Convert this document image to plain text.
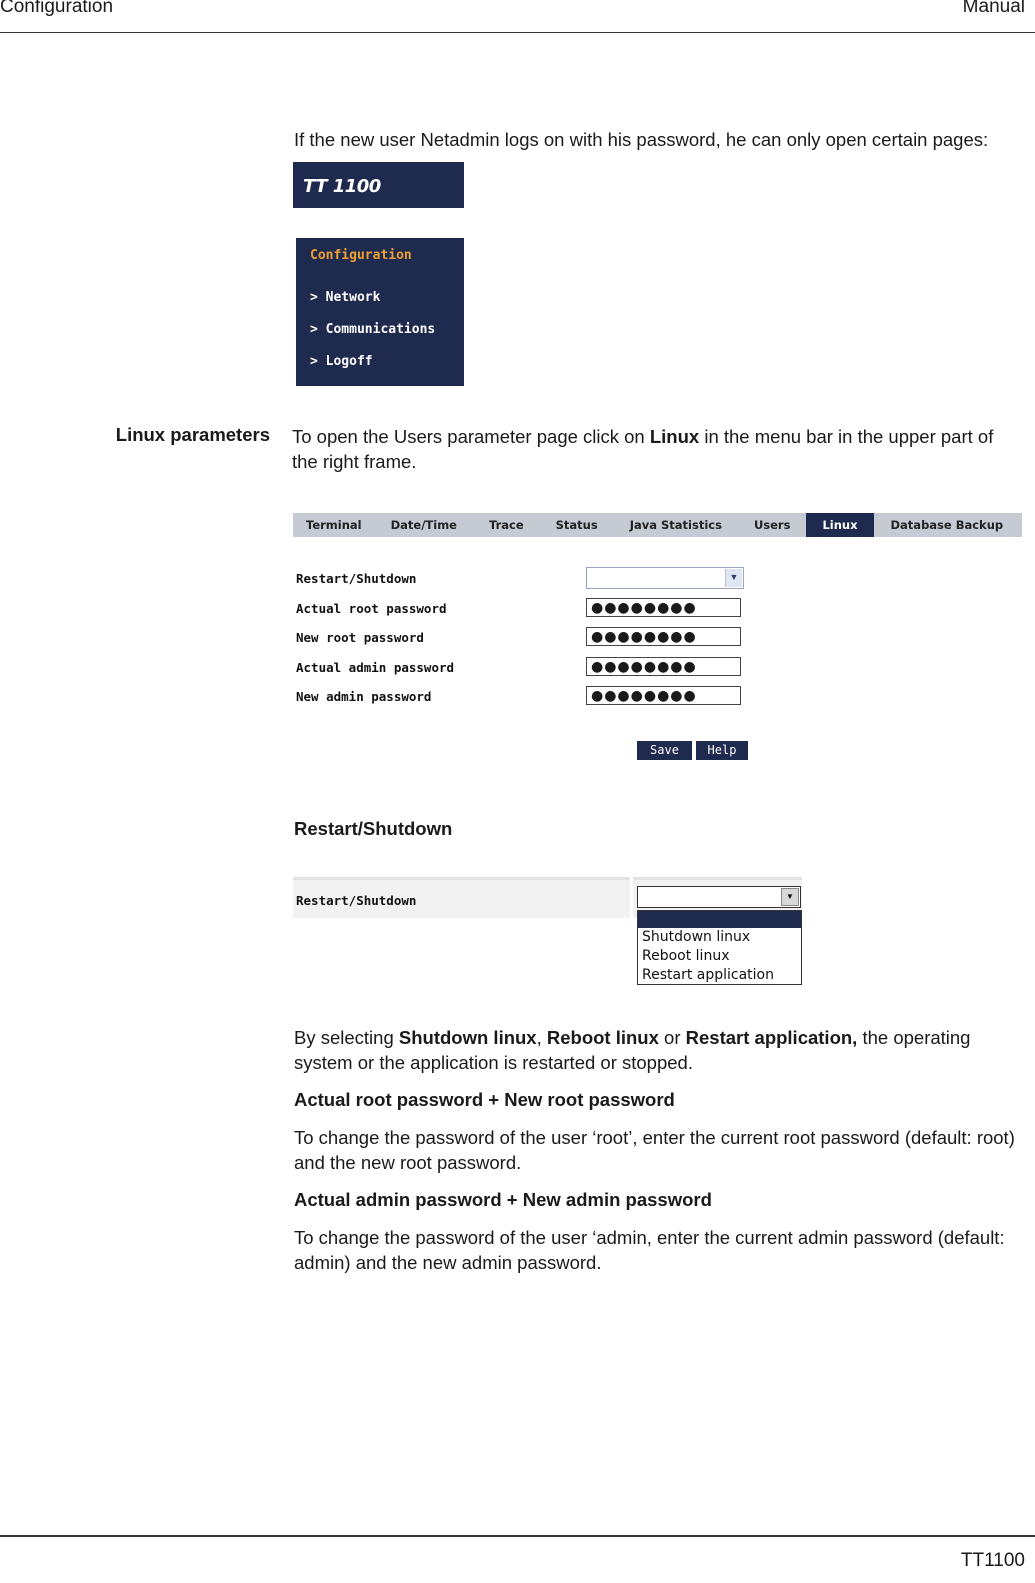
Configuration	Manual
If the new user Netadmin logs on with his password, he can only open certain pages:
TT 1100
Configuration
> Network
> Communications
> Logoff
Linux parameters To open the Users parameter page click on Linux in the menu bar in the upper part of the right frame.
Terminal	Date/Time	Trace	Status	Java Statistics	Users	Linux	Database Backup
Restart/Shutdown	▼
Actual root password	●●●●●●●●
New root password	●●●●●●●●
Actual admin password	●●●●●●●●
New admin password	●●●●●●●●
Save	Help
Restart/Shutdown
Restart/Shutdown	▼
Shutdown linux
Reboot linux
Restart application
By selecting Shutdown linux, Reboot linux or Restart application, the operating system or the application is restarted or stopped.
Actual root password + New root password
To change the password of the user ‘root’, enter the current root password (default: root) and the new root password.
Actual admin password + New admin password
To change the password of the user ‘admin, enter the current admin password (default: admin) and the new admin password.
TT1100
